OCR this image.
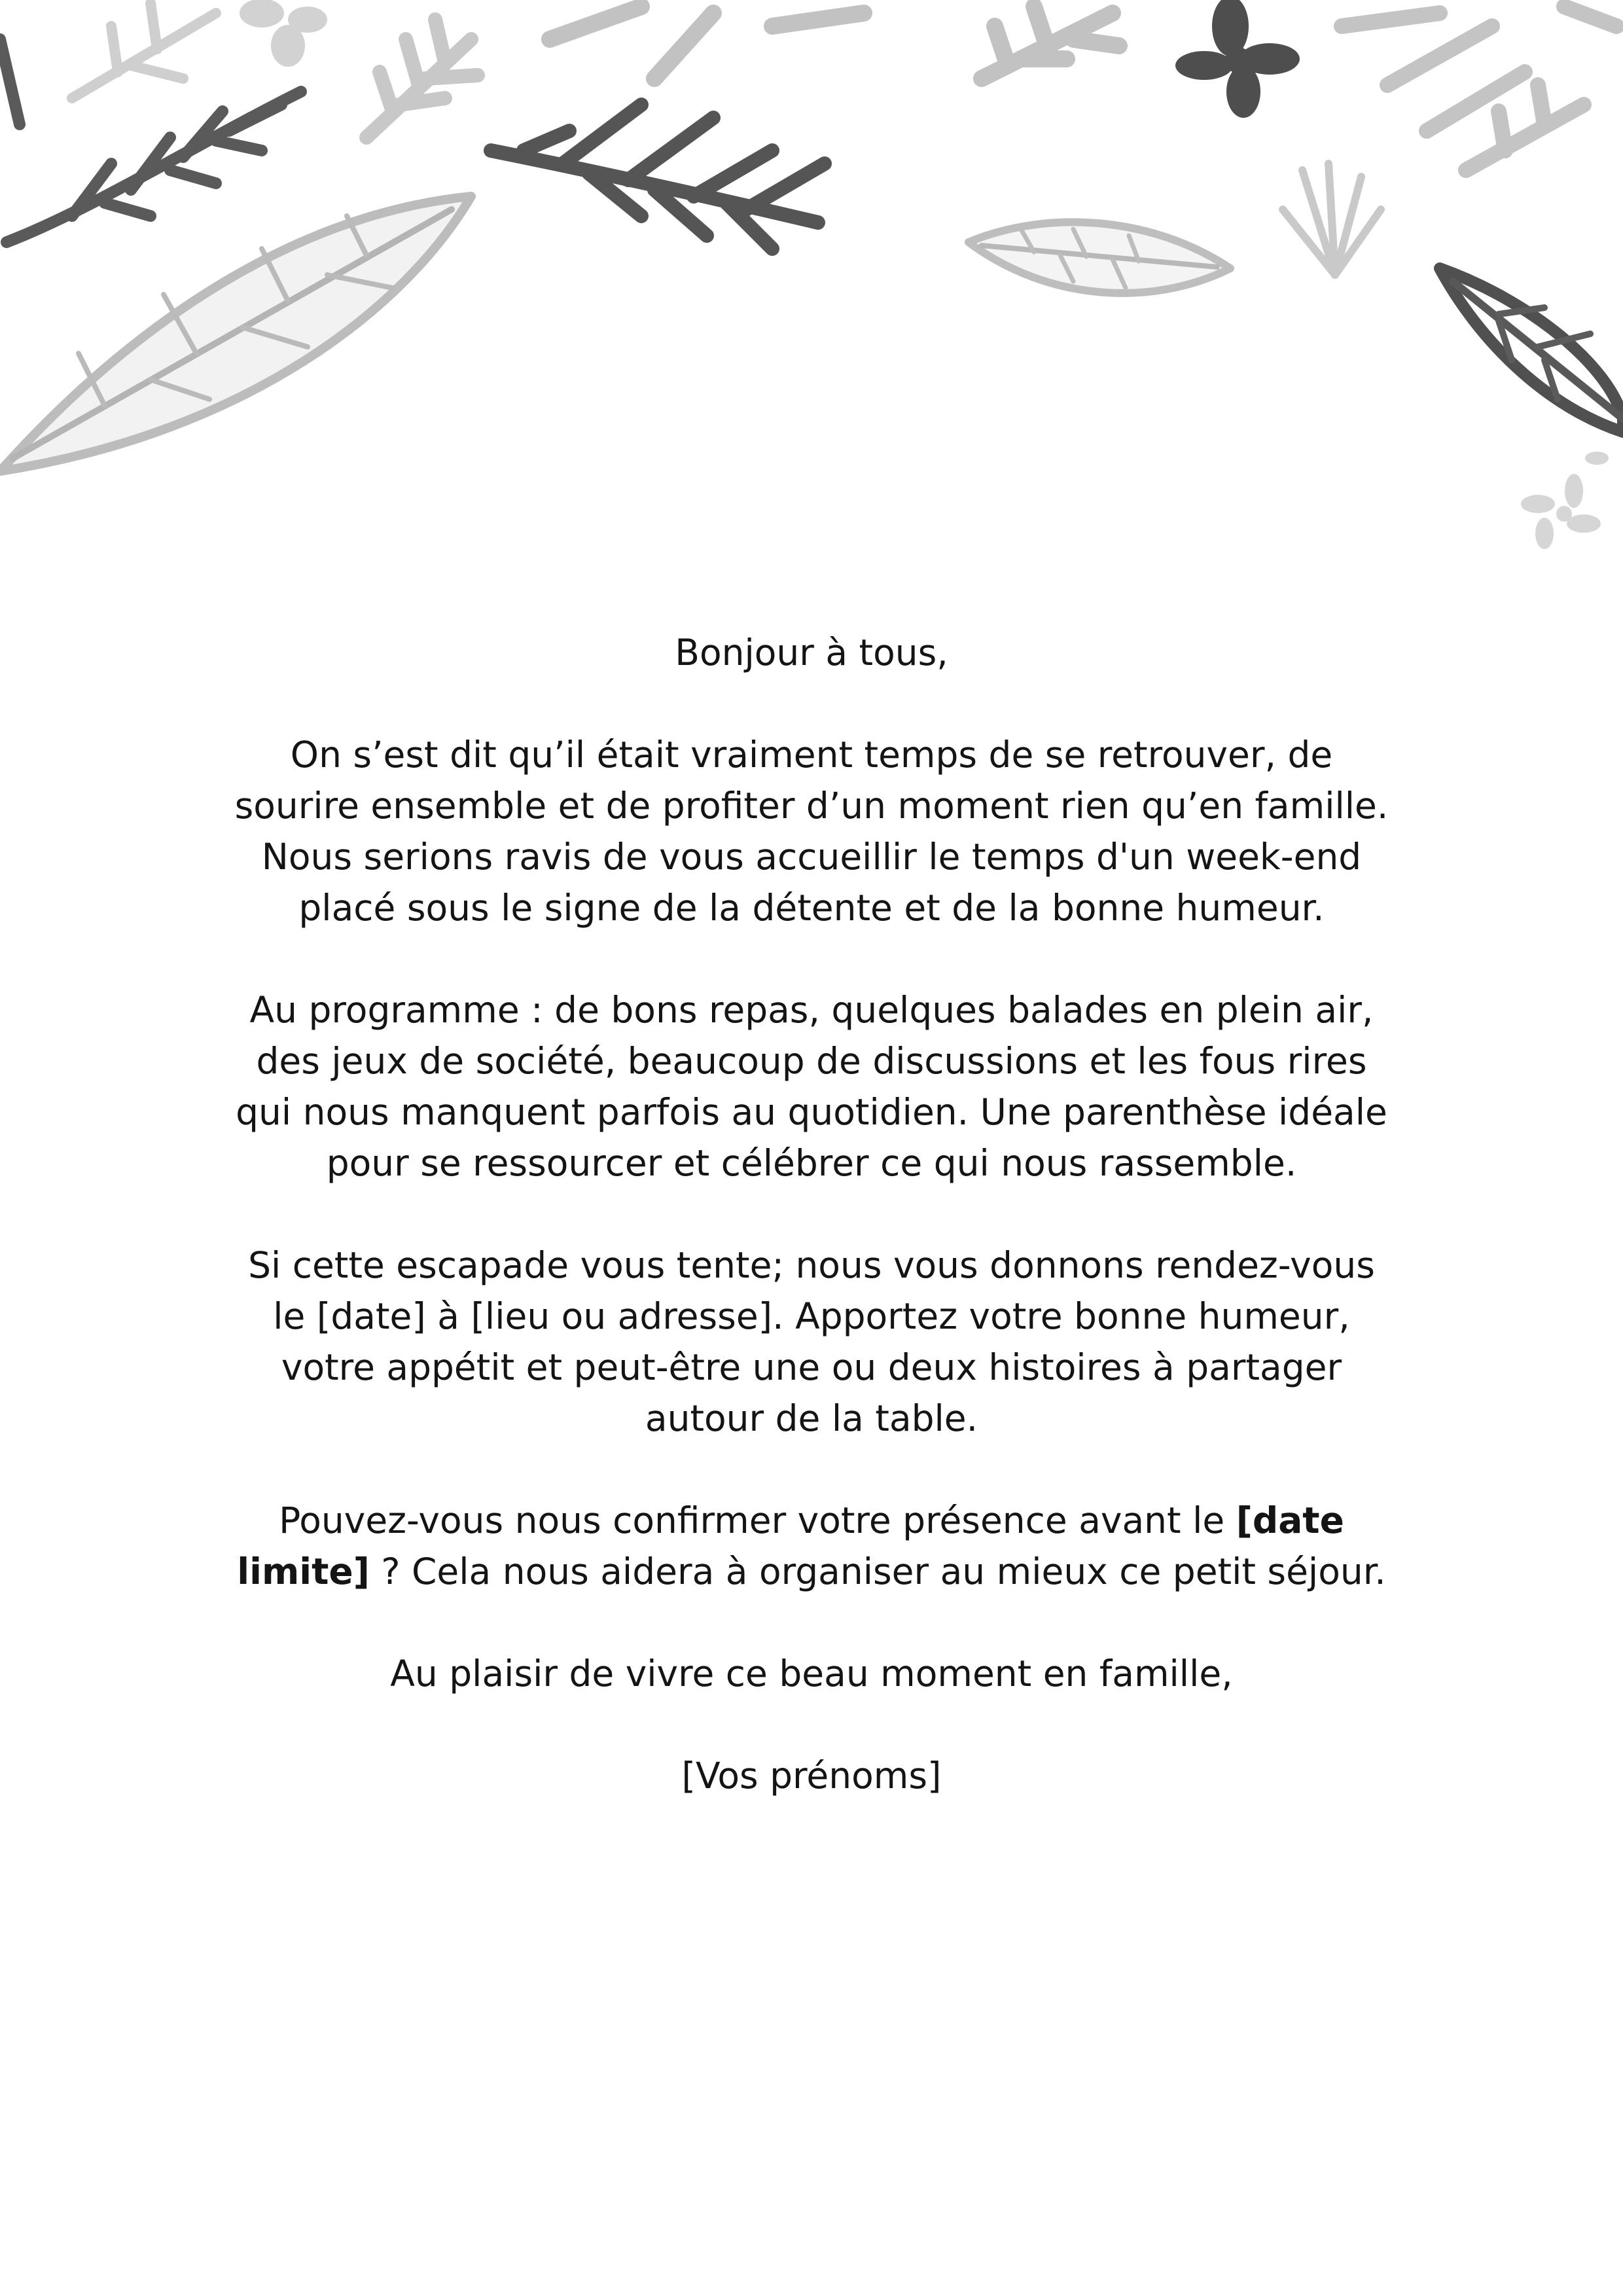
Bonjour à tous,

On s’est dit qu’il était vraiment temps de se retrouver, de sourire ensemble et de profiter d’un moment rien qu’en famille. Nous serions ravis de vous accueillir le temps d'un week-end placé sous le signe de la détente et de la bonne humeur.

Au programme : de bons repas, quelques balades en plein air, des jeux de société, beaucoup de discussions et les fous rires qui nous manquent parfois au quotidien. Une parenthèse idéale pour se ressourcer et célébrer ce qui nous rassemble.

Si cette escapade vous tente; nous vous donnons rendez-vous le [date] à [lieu ou adresse]. Apportez votre bonne humeur, votre appétit et peut-être une ou deux histoires à partager autour de la table.

Pouvez-vous nous confirmer votre présence avant le [date limite] ? Cela nous aidera à organiser au mieux ce petit séjour.

Au plaisir de vivre ce beau moment en famille,

[Vos prénoms]
